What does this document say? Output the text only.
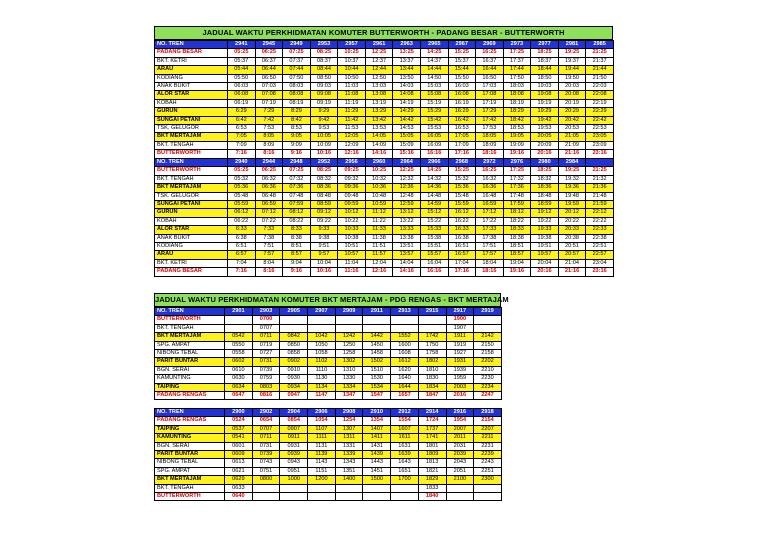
JADUAL WAKTU PERKHIDMATAN KOMUTER BUTTERWORTH - PADANG BESAR - BUTTERWORTH
NO. TREN	2941	2945	2949	2953	2957	2961	2963	2965	2967	2969	2973	2977	2981	2985
PADANG BESAR	05:25	06:25	07:25	08:25	10:25	12:25	13:25	14:25	15:25	16:25	17:25	18:25	19:25	21:25
BKT. KETRI	05:37	06:37	07:37	08:37	10:37	12:37	13:37	14:37	15:37	16:37	17:37	18:37	19:37	21:37
ARAU	05:44	06:44	07:44	08:44	10:44	12:44	13:44	14:44	15:44	16:44	17:44	18:44	19:44	21:44
KODIANG	05:50	06:50	07:50	08:50	10:50	12:50	13:50	14:50	15:50	16:50	17:50	18:50	19:50	21:50
ANAK BUKIT	06:03	07:03	08:03	09:03	11:03	13:03	14:03	15:03	16:03	17:03	18:03	19:03	20:03	22:03
ALOR STAR	06:08	07:08	08:08	09:08	11:08	13:08	14:08	15:08	16:08	17:08	18:08	19:08	20:08	22:08
KOBAH	06:19	07:19	08:19	09:19	11:19	13:19	14:19	15:19	16:19	17:19	18:19	19:19	20:19	22:19
GURUN	6:29	7:29	8:29	9:29	11:29	13:29	14:29	15:29	16:29	17:29	18:29	19:29	20:29	22:29
SUNGAI PETANI	6:42	7:42	8:42	9:42	11:42	13:42	14:42	15:42	16:42	17:42	18:42	19:42	20:42	22:42
TSK. GELUGOR	6:53	7:53	8:53	9:53	11:53	13:53	14:53	15:53	16:53	17:53	18:53	19:53	20:53	22:53
BKT MERTAJAM	7:05	8:05	9:05	10:05	12:05	14:05	15:05	16:05	17:05	18:05	19:05	20:05	21:05	23:05
BKT. TENGAH	7:09	8:09	9:09	10:09	12:09	14:09	15:09	16:09	17:09	18:09	19:09	20:09	21:09	23:09
BUTTERWORTH	7:16	8:16	9:16	10:16	12:16	14:16	15:16	16:16	17:16	18:16	19:16	20:16	21:16	23:16
NO. TREN	2940	2944	2948	2952	2956	2960	2964	2966	2968	2972	2976	2980	2984	
BUTTERWORTH	05:25	06:25	07:25	08:25	09:25	10:25	12:25	14:25	15:25	16:25	17:25	18:25	19:25	21:25
BKT. TENGAH	05:32	06:32	07:32	08:32	09:32	10:32	12:32	14:32	15:32	16:32	17:32	18:32	19:32	21:32
BKT MERTAJAM	05:36	06:36	07:36	08:36	09:36	10:36	12:36	14:36	15:36	16:36	17:36	18:36	19:36	21:36
TSK. GELUGOR	05:48	06:48	07:48	08:48	09:48	10:48	12:48	14:48	15:48	16:48	17:48	18:48	19:48	21:48
SUNGAI PETANI	05:59	06:59	07:59	08:59	09:59	10:59	12:59	14:59	15:59	16:59	17:59	18:59	19:59	21:59
GURUN	06:12	07:12	08:12	09:12	10:12	11:12	13:12	15:12	16:12	17:12	18:12	19:12	20:12	22:12
KOBAH	06:22	07:22	08:22	09:22	10:22	11:22	13:22	15:22	16:22	17:22	18:22	19:22	20:22	22:22
ALOR STAR	6:33	7:33	8:33	9:33	10:33	11:33	13:33	15:33	16:33	17:33	18:33	19:33	20:33	22:33
ANAK BUKIT	6:38	7:38	8:38	9:38	10:38	11:38	13:38	15:38	16:38	17:38	18:38	19:38	20:38	22:38
KODIANG	6:51	7:51	8:51	9:51	10:51	11:51	13:51	15:51	16:51	17:51	18:51	19:51	20:51	22:51
ARAU	6:57	7:57	8:57	9:57	10:57	11:57	13:57	15:57	16:57	17:57	18:57	19:57	20:57	22:57
BKT. KETRI	7:04	8:04	9:04	10:04	11:04	12:04	14:04	16:04	17:04	18:04	19:04	20:04	21:04	23:04
PADANG BESAR	7:16	8:16	9:16	10:16	11:16	12:16	14:16	16:16	17:16	18:16	19:16	20:16	21:16	23:16
JADUAL WAKTU PERKHIDMATAN KOMUTER BKT MERTAJAM - PDG RENGAS - BKT MERTAJAM
NO. TREN	2901	2903	2905	2907	2909	2911	2913	2915	2917	2919
BUTTERWORTH		0700							1900	
BKT. TENGAH		0707							1907	
BKT MERTAJAM	0542	0711	0842	1042	1242	1442	1552	1742	1911	2142
SPG. AMPAT	0550	0719	0850	1050	1250	1450	1600	1750	1919	2150
NIBONG TEBAL	0558	0727	0858	1058	1258	1458	1608	1758	1927	2158
PARIT BUNTAR	0602	0731	0902	1102	1302	1502	1612	1802	1931	2202
BGN. SERAI	0610	0739	0910	1110	1310	1510	1620	1810	1939	2210
KAMUNTING	0630	0759	0930	1130	1330	1530	1640	1830	1959	2230
TAIPING	0634	0803	0934	1134	1334	1534	1644	1834	2003	2234
PADANG RENGAS	0647	0816	0947	1147	1347	1547	1657	1847	2016	2247
NO. TREN	2900	2902	2904	2906	2908	2910	2912	2914	2916	2918
PADANG RENGAS	0524	0654	0854	1054	1254	1354	1554	1724	1954	2154
TAIPING	0537	0707	0907	1107	1307	1407	1607	1737	2007	2207
KAMUNTING	0541	0711	0911	1111	1311	1411	1611	1741	2011	2211
BGN. SERAI	0601	0731	0931	1131	1331	1431	1631	1801	2031	2231
PARIT BUNTAR	0609	0739	0939	1139	1339	1439	1639	1809	2039	2239
NIBONG TEBAL	0613	0743	0943	1143	1343	1443	1643	1813	2043	2243
SPG. AMPAT	0621	0751	0951	1151	1351	1451	1651	1821	2051	2251
BKT MERTAJAM	0629	0800	1000	1200	1400	1500	1700	1829	2100	2300
BKT. TENGAH	0633							1833		
BUTTERWORTH	0640							1840		
